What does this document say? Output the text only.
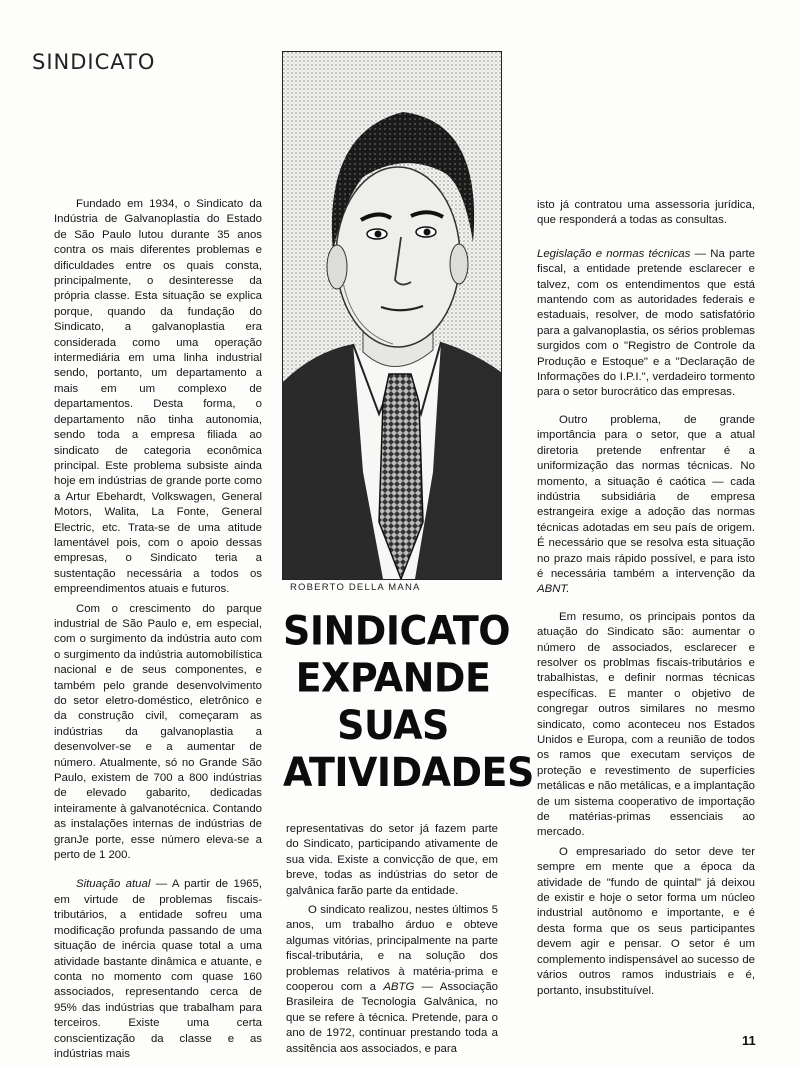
SINDICATO

Fundado em 1934, o Sindicato da Indústria de Galvanoplastia do Estado de São Paulo lutou durante 35 anos contra os mais diferentes problemas e dificuldades entre os quais consta, principalmente, o desinteresse da própria classe. Esta situação se explica porque, quando da fundação do Sindicato, a galvanoplastia era considerada como uma operação intermediária em uma linha industrial sendo, portanto, um departamento a mais em um complexo de departamentos. Desta forma, o departamento não tinha autonomia, sendo toda a empresa filiada ao sindicato de categoria econômica principal. Este problema subsiste ainda hoje em indústrias de grande porte como a Artur Ebehardt, Volkswagen, General Motors, Walita, La Fonte, General Electric, etc. Trata-se de uma atitude lamentável pois, com o apoio dessas empresas, o Sindicato teria a sustentação necessária a todos os empreendimentos atuais e futuros.

Com o crescimento do parque industrial de São Paulo e, em especial, com o surgimento da indústria auto com o surgimento da indústria automobilística nacional e de seus componentes, e também pelo grande desenvolvimento do setor eletro-doméstico, eletrônico e da construção civil, começaram as indústrias da galvanoplastia a desenvolver-se e a aumentar de número. Atualmente, só no Grande São Paulo, existem de 700 a 800 indústrias de elevado gabarito, dedicadas inteiramente à galvanotécnica. Contando as instalações internas de indústrias de granJe porte, esse número eleva-se a perto de 1 200.

Situação atual — A partir de 1965, em virtude de problemas fiscais-tributários, a entidade sofreu uma modificação profunda passando de uma situação de inércia quase total a uma atividade bastante dinâmica e atuante, e conta no momento com quase 160 associados, representando cerca de 95% das indústrias que trabalham para terceiros. Existe uma certa conscientização da classe e as indústrias mais

ROBERTO DELLA MANA
SINDICATO
EXPANDE
SUAS
ATIVIDADES

representativas do setor já fazem parte do Sindicato, participando ativamente de sua vida. Existe a convicção de que, em breve, todas as indústrias do setor de galvânica farão parte da entidade.

O sindicato realizou, nestes últimos 5 anos, um trabalho árduo e obteve algumas vitórias, principalmente na parte fiscal-tributária, e na solução dos problemas relativos à matéria-prima e cooperou com a ABTG — Associação Brasileira de Tecnologia Galvânica, no que se refere à técnica. Pretende, para o ano de 1972, continuar prestando toda a assitência aos associados, e para

isto já contratou uma assessoria jurídica, que responderá a todas as consultas.

Legislação e normas técnicas — Na parte fiscal, a entidade pretende esclarecer e talvez, com os entendimentos que está mantendo com as autoridades federais e estaduais, resolver, de modo satisfatório para a galvanoplastia, os sérios problemas surgidos com o "Registro de Controle da Produção e Estoque" e a "Declaração de Informações do I.P.I.", verdadeiro tormento para o setor burocrático das empresas.

Outro problema, de grande importância para o setor, que a atual diretoria pretende enfrentar é a uniformização das normas técnicas. No momento, a situação é caótica — cada indústria subsidiária de empresa estrangeira exige a adoção das normas técnicas adotadas em seu país de origem. É necessário que se resolva esta situação no prazo mais rápido possível, e para isto é necessária também a intervenção da ABNT.

Em resumo, os principais pontos da atuação do Sindicato são: aumentar o número de associados, esclarecer e resolver os problmas fiscais-tributários e trabalhistas, e definir normas técnicas específicas. E manter o objetivo de congregar outros similares no mesmo sindicato, como aconteceu nos Estados Unidos e Europa, com a reunião de todos os ramos que executam serviços de proteção e revestimento de superfícies metálicas e não metálicas, e a implantação de um sistema cooperativo de importação de matérias-primas essenciais ao mercado.

O empresariado do setor deve ter sempre em mente que a época da atividade de "fundo de quintal" já deixou de existir e hoje o setor forma um núcleo industrial autônomo e importante, e é desta forma que os seus participantes devem agir e pensar. O setor é um complemento indispensável ao sucesso de vários outros ramos industriais e é, portanto, insubstituível.

11
